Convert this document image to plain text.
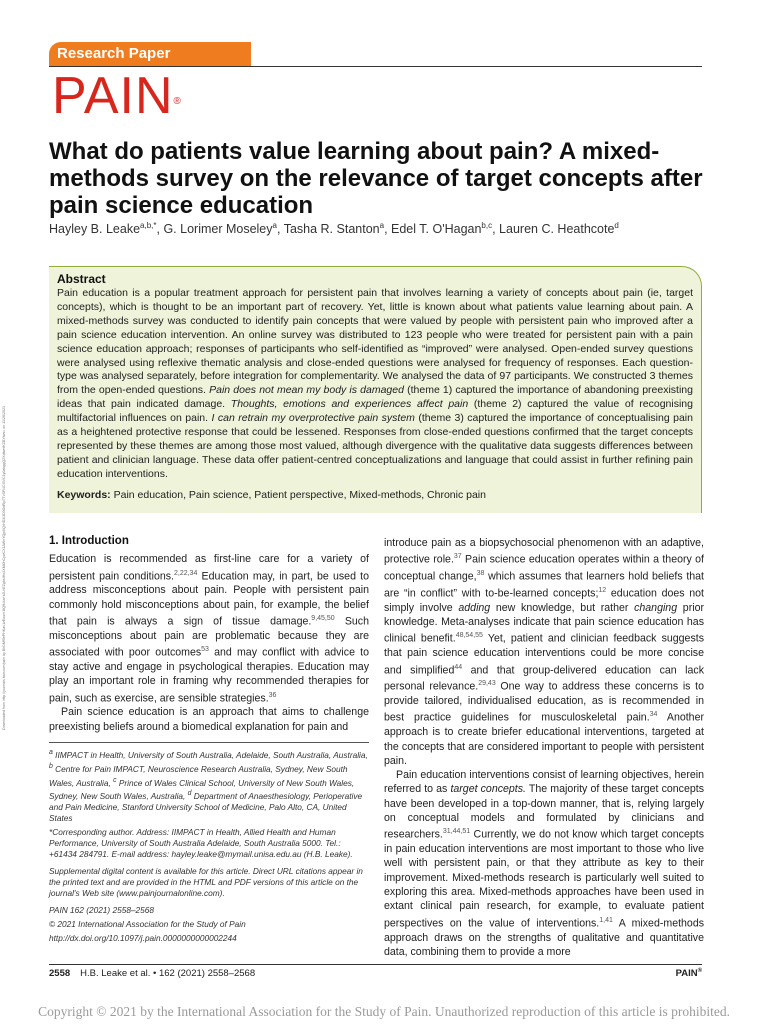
Downloaded from http://journals.lww.com/pain by BhDMf5ePHKav1zEoum1tQfN4a+kJLhEZgbsIHo4XMi0hCywCX1AWnYQp/IlQrHD3i3D0OdRyi7TvSFl4Cf3VC1y0abggQZXdtwnfKZBYtws= on 11/26/2021
Research Paper
PAIN®
What do patients value learning about pain? A mixed-methods survey on the relevance of target concepts after pain science education
Hayley B. Leake$^{a,b,*}$, G. Lorimer Moseley$^a$, Tasha R. Stanton$^a$, Edel T. O'Hagan$^{b,c}$, Lauren C. Heathcote$^d$
Abstract

Pain education is a popular treatment approach for persistent pain that involves learning a variety of concepts about pain (ie, target concepts), which is thought to be an important part of recovery. Yet, little is known about what patients value learning about pain. A mixed-methods survey was conducted to identify pain concepts that were valued by people with persistent pain who improved after a pain science education intervention. An online survey was distributed to 123 people who were treated for persistent pain with a pain science education approach; responses of participants who self-identified as “improved” were analysed. Open-ended survey questions were analysed using reflexive thematic analysis and close-ended questions were analysed for frequency of responses. Each question-type was analysed separately, before integration for complementarity. We analysed the data of 97 participants. We constructed 3 themes from the open-ended questions. Pain does not mean my body is damaged (theme 1) captured the importance of abandoning preexisting ideas that pain indicated damage. Thoughts, emotions and experiences affect pain (theme 2) captured the value of recognising multifactorial influences on pain. I can retrain my overprotective pain system (theme 3) captured the importance of conceptualising pain as a heightened protective response that could be lessened. Responses from close-ended questions confirmed that the target concepts represented by these themes are among those most valued, although divergence with the qualitative data suggests differences between patient and clinician language. These data offer patient-centred conceptualizations and language that could assist in further refining pain education interventions.

Keywords: Pain education, Pain science, Patient perspective, Mixed-methods, Chronic pain

1. Introduction

Education is recommended as first-line care for a variety of persistent pain conditions.$^{2,22,34}$ Education may, in part, be used to address misconceptions about pain. People with persistent pain commonly hold misconceptions about pain, for example, the belief that pain is always a sign of tissue damage.$^{9,45,50}$ Such misconceptions about pain are problematic because they are associated with poor outcomes$^{53}$ and may conflict with advice to stay active and engage in psychological therapies. Education may play an important role in framing why recommended therapies for pain, such as exercise, are sensible strategies.$^{36}$

Pain science education is an approach that aims to challenge preexisting beliefs around a biomedical explanation for pain and

$^a$ IIMPACT in Health, University of South Australia, Adelaide, South Australia, Australia, $^b$ Centre for Pain IMPACT, Neuroscience Research Australia, Sydney, New South Wales, Australia, $^c$ Prince of Wales Clinical School, University of New South Wales, Sydney, New South Wales, Australia, $^d$ Department of Anaesthesiology, Perioperative and Pain Medicine, Stanford University School of Medicine, Palo Alto, CA, United States

*Corresponding author. Address: IIMPACT in Health, Allied Health and Human Performance, University of South Australia Adelaide, South Australia 5000. Tel.: +61434 284791. E-mail address: hayley.leake@mymail.unisa.edu.au (H.B. Leake).

Supplemental digital content is available for this article. Direct URL citations appear in the printed text and are provided in the HTML and PDF versions of this article on the journal's Web site (www.painjournalonline.com).

PAIN 162 (2021) 2558–2568

© 2021 International Association for the Study of Pain

http://dx.doi.org/10.1097/j.pain.0000000000002244

introduce pain as a biopsychosocial phenomenon with an adaptive, protective role.$^{37}$ Pain science education operates within a theory of conceptual change,$^{38}$ which assumes that learners hold beliefs that are “in conflict” with to-be-learned concepts;$^{12}$ education does not simply involve adding new knowledge, but rather changing prior knowledge. Meta-analyses indicate that pain science education has clinical benefit.$^{48,54,55}$ Yet, patient and clinician feedback suggests that pain science education interventions could be more concise and simplified$^{44}$ and that group-delivered education can lack personal relevance.$^{29,43}$ One way to address these concerns is to provide tailored, individualised education, as is recommended in best practice guidelines for musculoskeletal pain.$^{34}$ Another approach is to create briefer educational interventions, targeted at the concepts that are considered important to people with persistent pain.

Pain education interventions consist of learning objectives, herein referred to as target concepts. The majority of these target concepts have been developed in a top-down manner, that is, relying largely on conceptual models and formulated by clinicians and researchers.$^{31,44,51}$ Currently, we do not know which target concepts in pain education interventions are most important to those who live well with persistent pain, or that they attribute as key to their improvement. Mixed-methods research is particularly well suited to exploring this area. Mixed-methods approaches have been used in extant clinical pain research, for example, to evaluate patient perspectives on the value of interventions.$^{1,41}$ A mixed-methods approach draws on the strengths of qualitative and quantitative data, combining them to provide a more

2558 H.B. Leake et al. • 162 (2021) 2558–2568	PAIN®
Copyright © 2021 by the International Association for the Study of Pain. Unauthorized reproduction of this article is prohibited.
